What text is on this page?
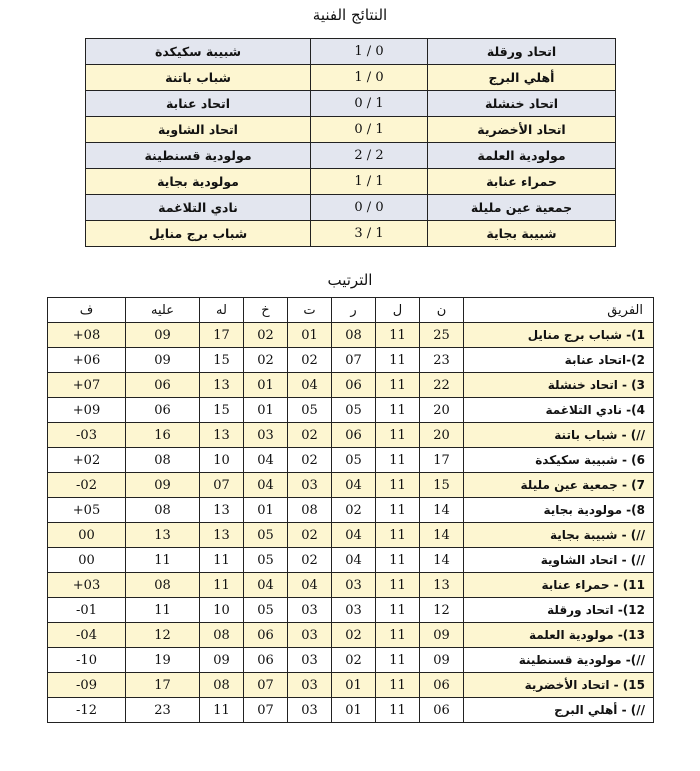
النتائج الفنية
اتحاد ورقلة	1 / 0	شبيبة سكيكدة
أهلي البرج	1 / 0	شباب باتنة
اتحاد خنشلة	0 / 1	اتحاد عنابة
اتحاد الأخضرية	0 / 1	اتحاد الشاوية
مولودية العلمة	2 / 2	مولودية قسنطينة
حمراء عنابة	1 / 1	مولودية بجاية
جمعية عين مليلة	0 / 0	نادي التلاغمة
شبيبة بجاية	3 / 1	شباب برج منايل
الترتيب
الفريق	ن	ل	ر	ت	خ	له	عليه	ف
1)- شباب برج منايل	25	11	08	01	02	17	09	08+
2)-اتحاد عنابة	23	11	07	02	02	15	09	06+
3) - اتحاد خنشلة	22	11	06	04	01	13	06	07+
4)- نادي التلاغمة	20	11	05	05	01	15	06	09+
//) - شباب باتنة	20	11	06	02	03	13	16	03-
6) - شبيبة سكيكدة	17	11	05	02	04	10	08	02+
7) - جمعية عين مليلة	15	11	04	03	04	07	09	02-
8)- مولودية بجاية	14	11	02	08	01	13	08	05+
//) - شبيبة بجاية	14	11	04	02	05	13	13	00
//) - اتحاد الشاوية	14	11	04	02	05	11	11	00
11) - حمراء عنابة	13	11	03	04	04	11	08	03+
12)- اتحاد ورقلة	12	11	03	03	05	10	11	01-
13)- مولودية العلمة	09	11	02	03	06	08	12	04-
//)- مولودية قسنطينة	09	11	02	03	06	09	19	10-
15) - اتحاد الأخضرية	06	11	01	03	07	08	17	09-
//) - أهلي البرج	06	11	01	03	07	11	23	12-
